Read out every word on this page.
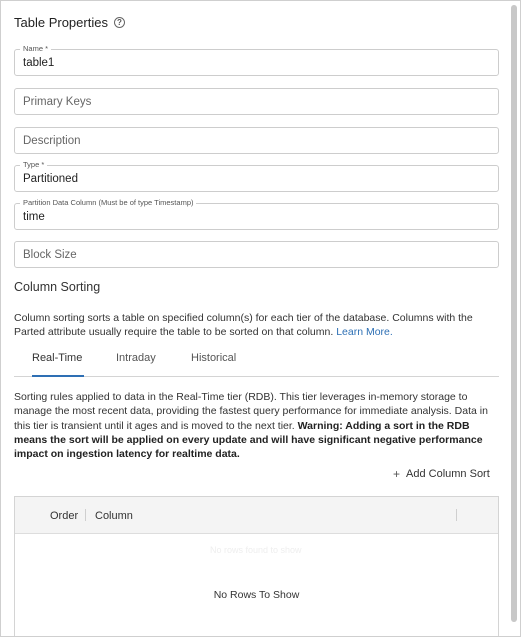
Table Properties	?
Name *
table1
Primary Keys
Description
Type *
Partitioned
Partition Data Column (Must be of type Timestamp)
time
Block Size
Column Sorting
Column sorting sorts a table on specified column(s) for each tier of the database. Columns with the Parted attribute usually require the table to be sorted on that column. Learn More.
Real-Time	Intraday	Historical
Sorting rules applied to data in the Real-Time tier (RDB). This tier leverages in-memory storage to manage the most recent data, providing the fastest query performance for immediate analysis. Data in this tier is transient until it ages and is moved to the next tier. Warning: Adding a sort in the RDB means the sort will be applied on every update and will have significant negative performance impact on ingestion latency for realtime data.
+ Add Column Sort
Order Column
No rows found to show
No Rows To Show
